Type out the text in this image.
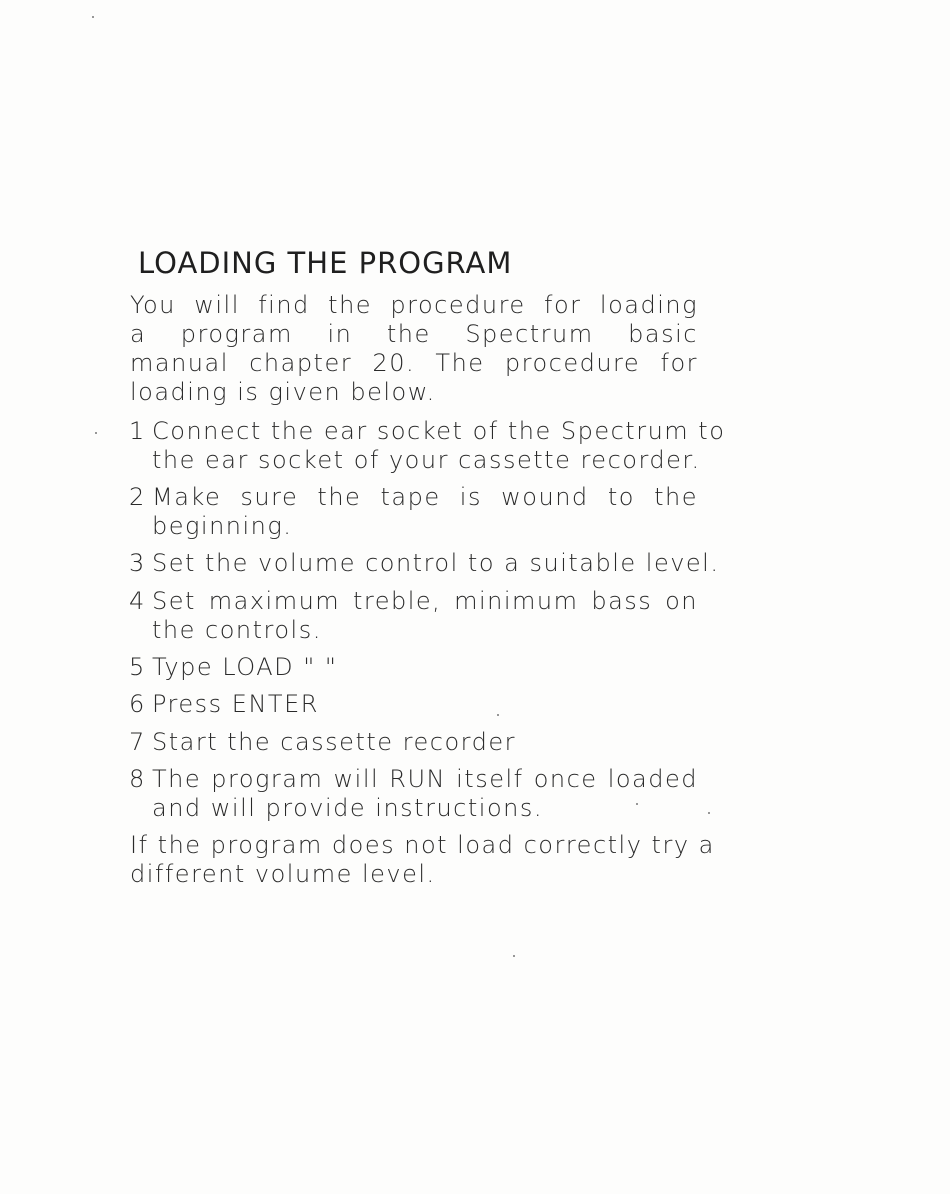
LOADING THE PROGRAM
You will find the procedure for loading
a program in the Spectrum basic
manual chapter 20. The procedure for
loading is given below.
1 Connect the ear socket of the Spectrum to
the ear socket of your cassette recorder.
2 Make sure the tape is wound to the
beginning.
3 Set the volume control to a suitable level.
4 Set maximum treble, minimum bass on
the controls.
5 Type LOAD " "
6 Press ENTER
7 Start the cassette recorder
8 The program will RUN itself once loaded
and will provide instructions.
If the program does not load correctly try a
different volume level.
